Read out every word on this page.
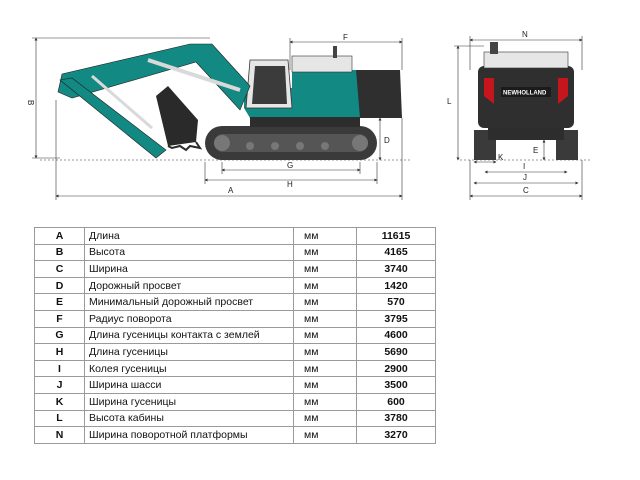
B
F
D
G
H
A
NEWHOLLAND
N
L
E
K
I
J
C
A	Длина	мм	11615
B	Высота	мм	4165
C	Ширина	мм	3740
D	Дорожный просвет	мм	1420
E	Минимальный дорожный просвет	мм	570
F	Радиус поворота	мм	3795
G	Длина гусеницы контакта с землей	мм	4600
H	Длина гусеницы	мм	5690
I	Колея гусеницы	мм	2900
J	Ширина шасси	мм	3500
K	Ширина гусеницы	мм	600
L	Высота кабины	мм	3780
N	Ширина поворотной платформы	мм	3270
